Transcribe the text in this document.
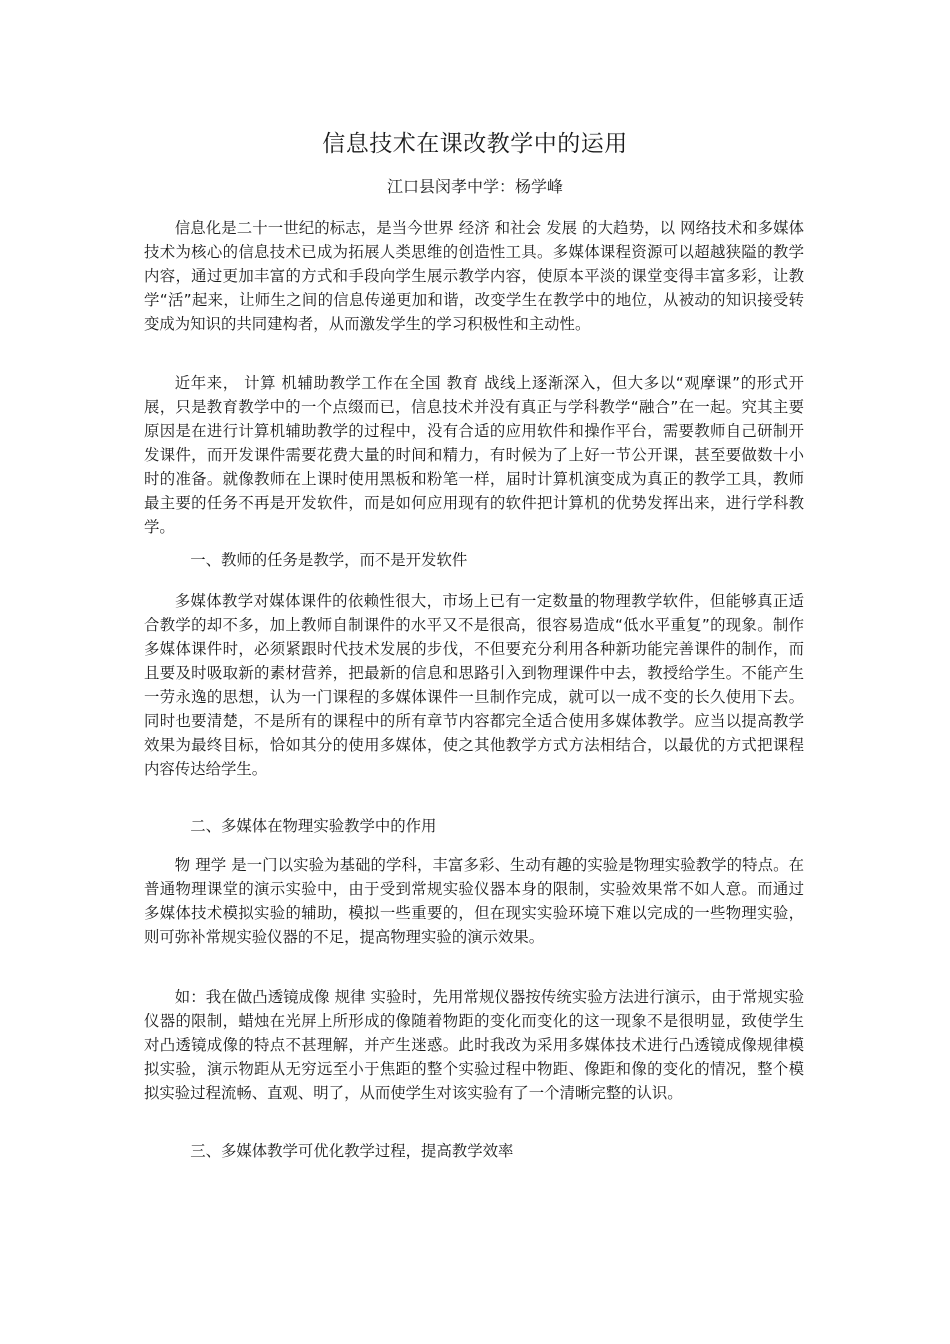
信息技术在课改教学中的运用
江口县闵孝中学：杨学峰

信息化是二十一世纪的标志，是当今世界 经济 和社会 发展 的大趋势，以 网络技术和多媒体技术为核心的信息技术已成为拓展人类思维的创造性工具。多媒体课程资源可以超越狭隘的教学内容，通过更加丰富的方式和手段向学生展示教学内容，使原本平淡的课堂变得丰富多彩，让教学“活”起来，让师生之间的信息传递更加和谐，改变学生在教学中的地位，从被动的知识接受转变成为知识的共同建构者，从而激发学生的学习积极性和主动性。

近年来， 计算 机辅助教学工作在全国 教育 战线上逐渐深入，但大多以“观摩课”的形式开展，只是教育教学中的一个点缀而已，信息技术并没有真正与学科教学“融合”在一起。究其主要原因是在进行计算机辅助教学的过程中，没有合适的应用软件和操作平台，需要教师自己研制开发课件，而开发课件需要花费大量的时间和精力，有时候为了上好一节公开课，甚至要做数十小时的准备。就像教师在上课时使用黑板和粉笔一样，届时计算机演变成为真正的教学工具，教师最主要的任务不再是开发软件，而是如何应用现有的软件把计算机的优势发挥出来，进行学科教学。

一、教师的任务是教学，而不是开发软件

多媒体教学对媒体课件的依赖性很大，市场上已有一定数量的物理教学软件，但能够真正适合教学的却不多，加上教师自制课件的水平又不是很高，很容易造成“低水平重复”的现象。制作多媒体课件时，必须紧跟时代技术发展的步伐，不但要充分利用各种新功能完善课件的制作，而且要及时吸取新的素材营养，把最新的信息和思路引入到物理课件中去，教授给学生。不能产生一劳永逸的思想，认为一门课程的多媒体课件一旦制作完成，就可以一成不变的长久使用下去。同时也要清楚，不是所有的课程中的所有章节内容都完全适合使用多媒体教学。应当以提高教学效果为最终目标，恰如其分的使用多媒体，使之其他教学方式方法相结合，以最优的方式把课程内容传达给学生。

二、多媒体在物理实验教学中的作用

物 理学 是一门以实验为基础的学科，丰富多彩、生动有趣的实验是物理实验教学的特点。在普通物理课堂的演示实验中，由于受到常规实验仪器本身的限制，实验效果常不如人意。而通过多媒体技术模拟实验的辅助，模拟一些重要的，但在现实实验环境下难以完成的一些物理实验，则可弥补常规实验仪器的不足，提高物理实验的演示效果。

如：我在做凸透镜成像 规律 实验时，先用常规仪器按传统实验方法进行演示，由于常规实验仪器的限制，蜡烛在光屏上所形成的像随着物距的变化而变化的这一现象不是很明显，致使学生对凸透镜成像的特点不甚理解，并产生迷惑。此时我改为采用多媒体技术进行凸透镜成像规律模拟实验，演示物距从无穷远至小于焦距的整个实验过程中物距、像距和像的变化的情况，整个模拟实验过程流畅、直观、明了，从而使学生对该实验有了一个清晰完整的认识。

三、多媒体教学可优化教学过程，提高教学效率
